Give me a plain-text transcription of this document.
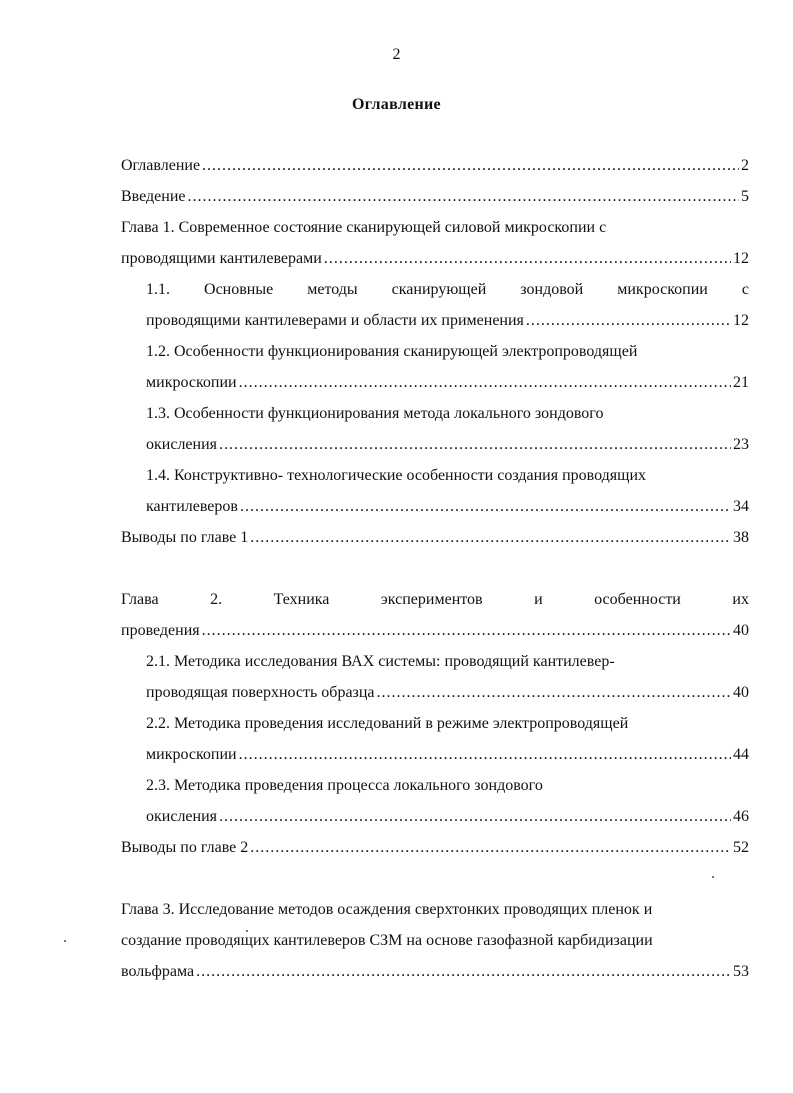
2
Оглавление
Оглавление .....	2
Введение .....	5
Глава 1. Современное состояние сканирующей силовой микроскопии с
проводящими кантилеверами .....	12
1.1. Основные методы сканирующей зондовой микроскопии с
проводящими кантилеверами и области их применения .....	12
1.2. Особенности функционирования сканирующей электропроводящей
микроскопии .....	21
1.3. Особенности функционирования метода локального зондового
окисления .....	23
1.4. Конструктивно- технологические особенности создания проводящих
кантилеверов .....	34
Выводы по главе 1 .....	38
Глава	2.	Техника	экспериментов	и	особенности	их
проведения .....	40
2.1. Методика исследования ВАХ системы: проводящий кантилевер-
проводящая поверхность образца .....	40
2.2. Методика проведения исследований в режиме электропроводящей
микроскопии .....	44
2.3. Методика проведения процесса локального зондового
окисления .....	46
Выводы по главе 2 .....	52
Глава 3. Исследование методов осаждения сверхтонких проводящих пленок и
создание проводящих кантилеверов СЗМ на основе газофазной карбидизации
вольфрама .....	53
